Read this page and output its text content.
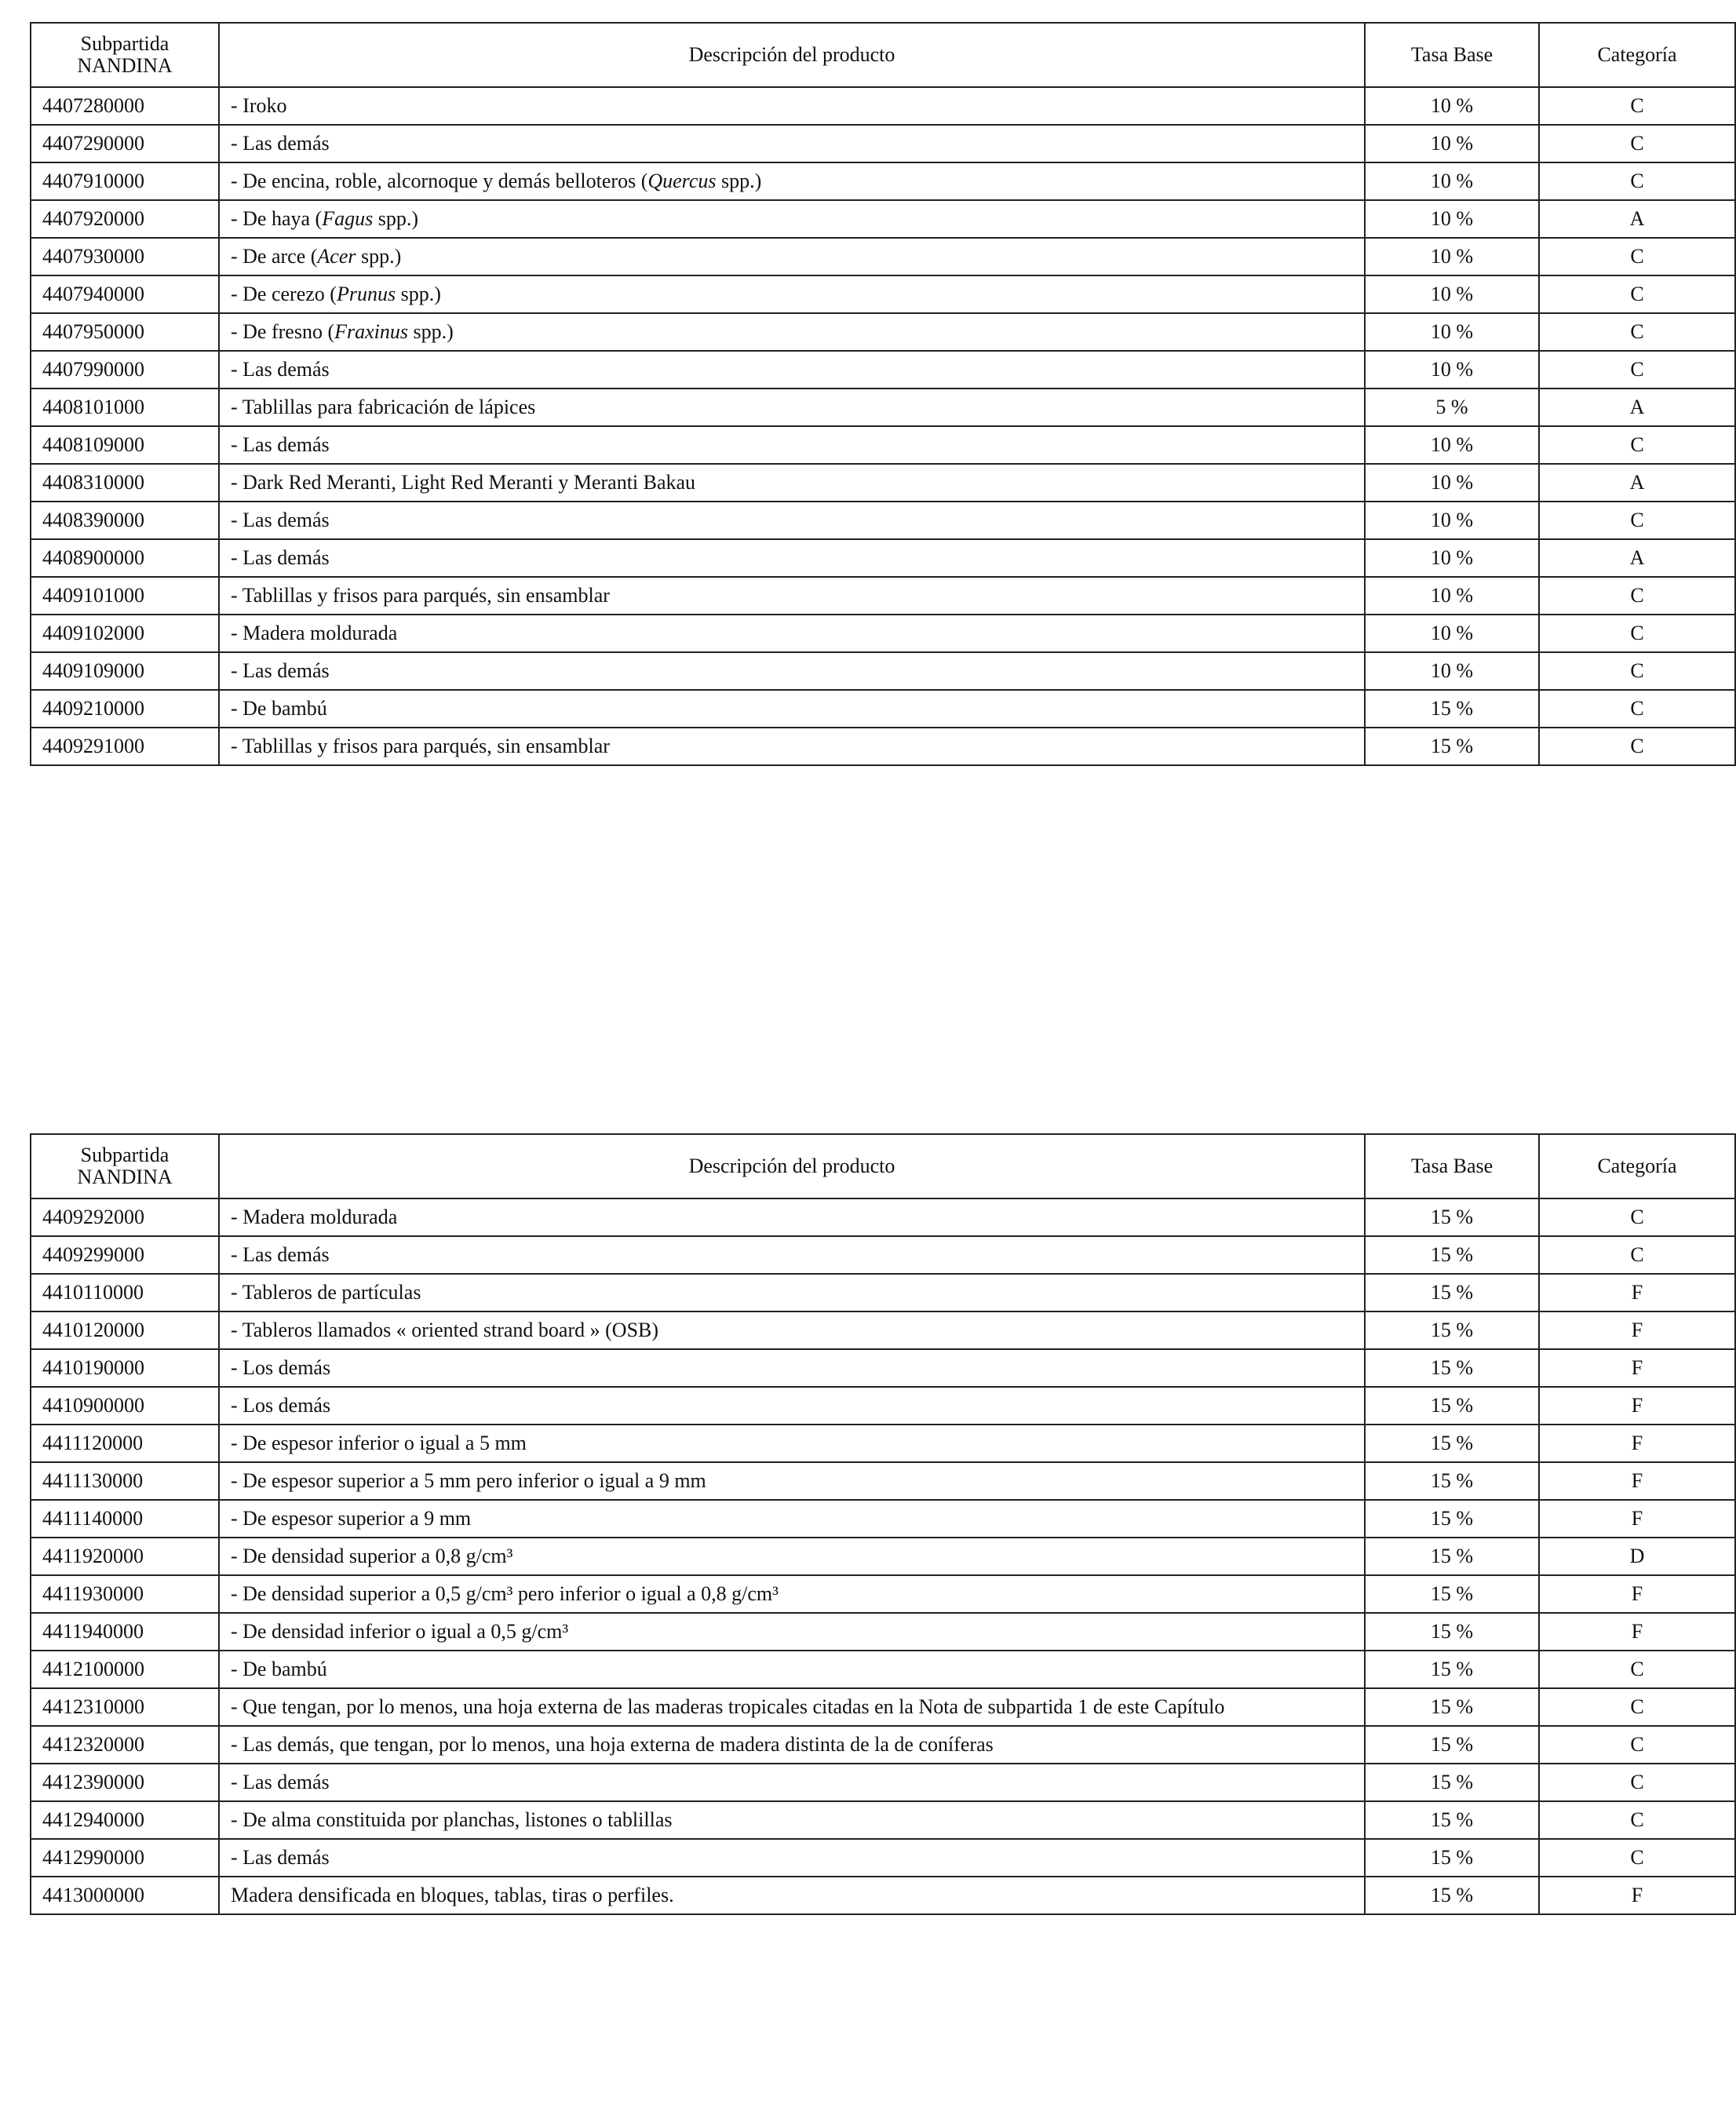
Subpartida
NANDINA	Descripción del producto	Tasa Base	Categoría
4407280000	- Iroko	10 %	C
4407290000	- Las demás	10 %	C
4407910000	- De encina, roble, alcornoque y demás belloteros (Quercus spp.)	10 %	C
4407920000	- De haya (Fagus spp.)	10 %	A
4407930000	- De arce (Acer spp.)	10 %	C
4407940000	- De cerezo (Prunus spp.)	10 %	C
4407950000	- De fresno (Fraxinus spp.)	10 %	C
4407990000	- Las demás	10 %	C
4408101000	- Tablillas para fabricación de lápices	5 %	A
4408109000	- Las demás	10 %	C
4408310000	- Dark Red Meranti, Light Red Meranti y Meranti Bakau	10 %	A
4408390000	- Las demás	10 %	C
4408900000	- Las demás	10 %	A
4409101000	- Tablillas y frisos para parqués, sin ensamblar	10 %	C
4409102000	- Madera moldurada	10 %	C
4409109000	- Las demás	10 %	C
4409210000	- De bambú	15 %	C
4409291000	- Tablillas y frisos para parqués, sin ensamblar	15 %	C
Subpartida
NANDINA	Descripción del producto	Tasa Base	Categoría
4409292000	- Madera moldurada	15 %	C
4409299000	- Las demás	15 %	C
4410110000	- Tableros de partículas	15 %	F
4410120000	- Tableros llamados « oriented strand board » (OSB)	15 %	F
4410190000	- Los demás	15 %	F
4410900000	- Los demás	15 %	F
4411120000	- De espesor inferior o igual a 5 mm	15 %	F
4411130000	- De espesor superior a 5 mm pero inferior o igual a 9 mm	15 %	F
4411140000	- De espesor superior a 9 mm	15 %	F
4411920000	- De densidad superior a 0,8 g/cm³	15 %	D
4411930000	- De densidad superior a 0,5 g/cm³ pero inferior o igual a 0,8 g/cm³	15 %	F
4411940000	- De densidad inferior o igual a 0,5 g/cm³	15 %	F
4412100000	- De bambú	15 %	C
4412310000	- Que tengan, por lo menos, una hoja externa de las maderas tropicales citadas en la Nota de subpartida 1 de este Capítulo	15 %	C
4412320000	- Las demás, que tengan, por lo menos, una hoja externa de madera distinta de la de coníferas	15 %	C
4412390000	- Las demás	15 %	C
4412940000	- De alma constituida por planchas, listones o tablillas	15 %	C
4412990000	- Las demás	15 %	C
4413000000	Madera densificada en bloques, tablas, tiras o perfiles.	15 %	F
